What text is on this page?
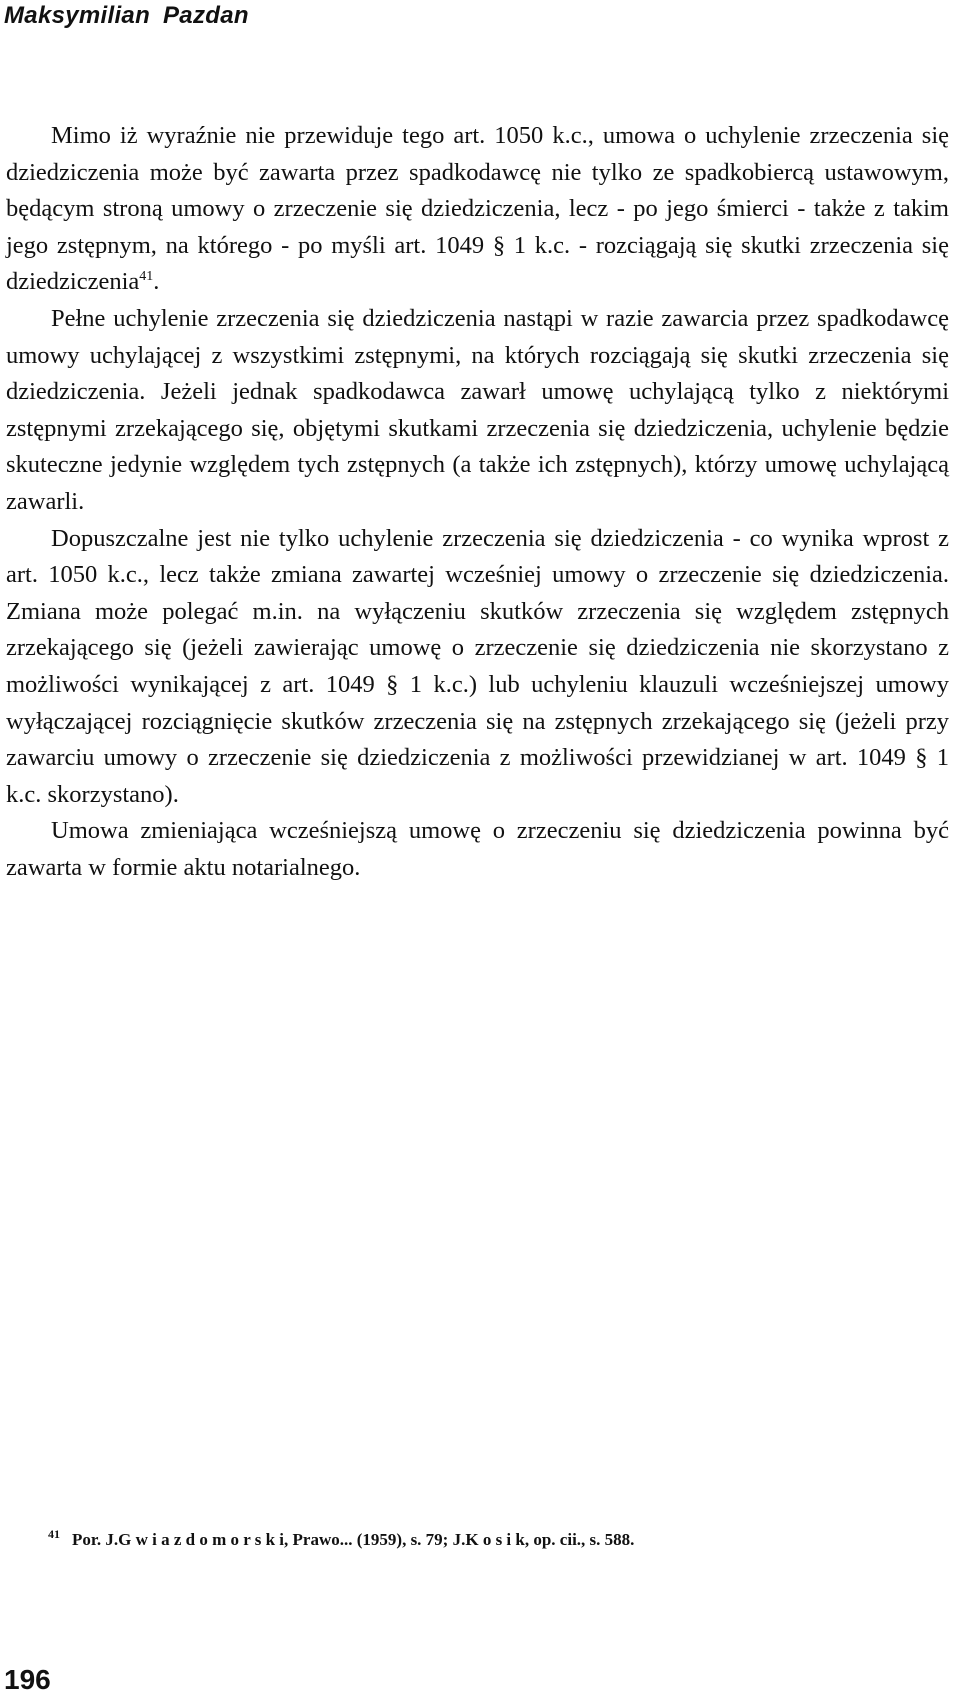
Maksymilian Pazdan

Mimo iż wyraźnie nie przewiduje tego art. 1050 k.c., umowa o uchylenie zrzeczenia się dziedziczenia może być zawarta przez spadkodawcę nie tylko ze spadkobiercą ustawowym, będącym stroną umowy o zrzeczenie się dziedziczenia, lecz - po jego śmierci - także z takim jego zstępnym, na którego - po myśli art. 1049 § 1 k.c. - rozciągają się skutki zrzeczenia się dziedziczenia$^{41}$.

Pełne uchylenie zrzeczenia się dziedziczenia nastąpi w razie zawarcia przez spadkodawcę umowy uchylającej z wszystkimi zstępnymi, na których rozciągają się skutki zrzeczenia się dziedziczenia. Jeżeli jednak spadkodawca zawarł umowę uchylającą tylko z niektórymi zstępnymi zrzekającego się, objętymi skutkami zrzeczenia się dziedziczenia, uchylenie będzie skuteczne jedynie względem tych zstępnych (a także ich zstępnych), którzy umowę uchylającą zawarli.

Dopuszczalne jest nie tylko uchylenie zrzeczenia się dziedziczenia - co wynika wprost z art. 1050 k.c., lecz także zmiana zawartej wcześniej umowy o zrzeczenie się dziedziczenia. Zmiana może polegać m.in. na wyłączeniu skutków zrzeczenia się względem zstępnych zrzekającego się (jeżeli zawierając umowę o zrzeczenie się dziedziczenia nie skorzystano z możliwości wynikającej z art. 1049 § 1 k.c.) lub uchyleniu klauzuli wcześniejszej umowy wyłączającej rozciągnięcie skutków zrzeczenia się na zstępnych zrzekającego się (jeżeli przy zawarciu umowy o zrzeczenie się dziedziczenia z możliwości przewidzianej w art. 1049 § 1 k.c. skorzystano).

Umowa zmieniająca wcześniejszą umowę o zrzeczeniu się dziedziczenia powinna być zawarta w formie aktu notarialnego.

$^{41}$ Por. J.G w i a z d o m o r s k i, Prawo... (1959), s. 79; J.K o s i k, op. cii., s. 588.
196
